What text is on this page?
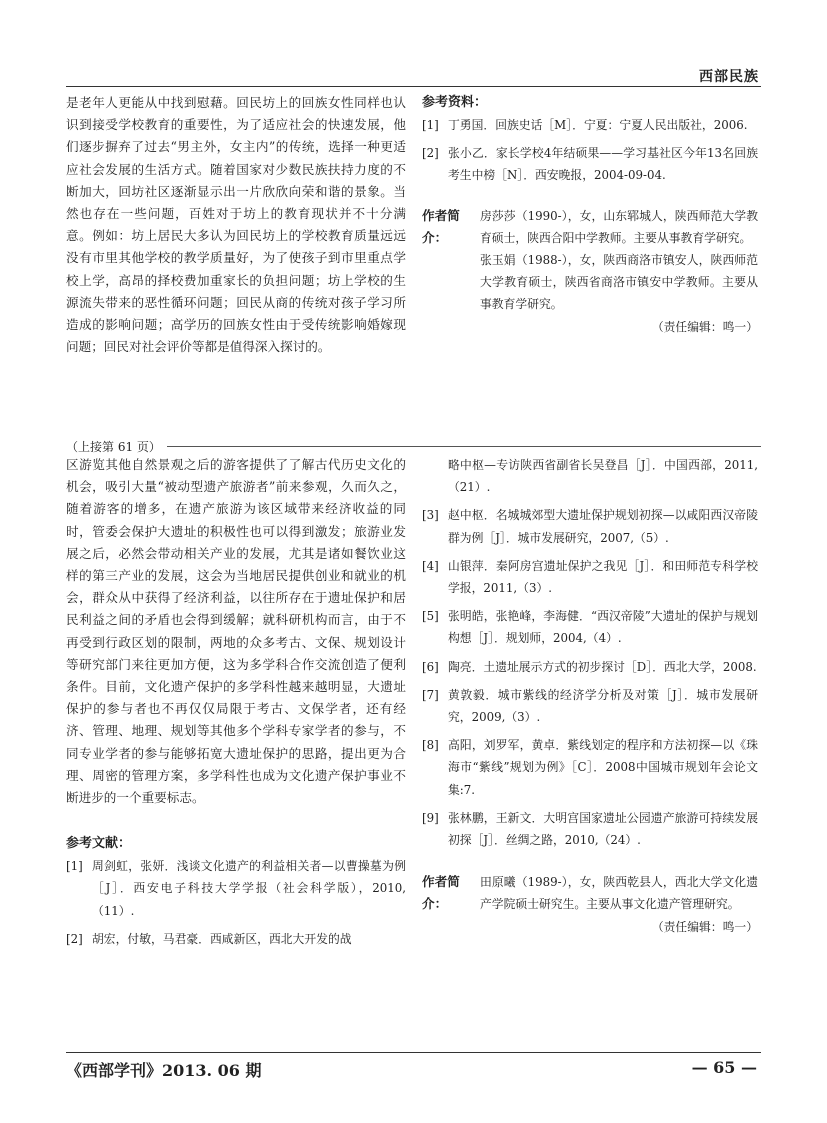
西部民族

是老年人更能从中找到慰藉。回民坊上的回族女性同样也认识到接受学校教育的重要性，为了适应社会的快速发展，他们逐步摒弃了过去“男主外，女主内”的传统，选择一种更适应社会发展的生活方式。随着国家对少数民族扶持力度的不断加大，回坊社区逐渐显示出一片欣欣向荣和谐的景象。当然也存在一些问题，百姓对于坊上的教育现状并不十分满意。例如：坊上居民大多认为回民坊上的学校教育质量远远没有市里其他学校的教学质量好，为了使孩子到市里重点学校上学，高昂的择校费加重家长的负担问题；坊上学校的生源流失带来的恶性循环问题；回民从商的传统对孩子学习所造成的影响问题；高学历的回族女性由于受传统影响婚嫁现问题；回民对社会评价等都是值得深入探讨的。

参考资料：
[1] 丁勇国．回族史话［M］．宁夏：宁夏人民出版社，2006.
[2] 张小乙．家长学校4年结硕果——学习基社区今年13名回族考生中榜［N］．西安晚报，2004-09-04.
作者简介：
房莎莎（1990-），女，山东郓城人，陕西师范大学教育硕士，陕西合阳中学教师。主要从事教育学研究。
张玉娟（1988-），女，陕西商洛市镇安人，陕西师范大学教育硕士，陕西省商洛市镇安中学教师。主要从事教育学研究。
（责任编辑：鸣一）
（上接第 61 页）
区游览其他自然景观之后的游客提供了了解古代历史文化的机会，吸引大量“被动型遗产旅游者”前来参观，久而久之，随着游客的增多，在遗产旅游为该区域带来经济收益的同时，管委会保护大遗址的积极性也可以得到激发；旅游业发展之后，必然会带动相关产业的发展，尤其是诸如餐饮业这样的第三产业的发展，这会为当地居民提供创业和就业的机会，群众从中获得了经济利益，以往所存在于遗址保护和居民利益之间的矛盾也会得到缓解；就科研机构而言，由于不再受到行政区划的限制，两地的众多考古、文保、规划设计等研究部门来往更加方便，这为多学科合作交流创造了便利条件。目前，文化遗产保护的多学科性越来越明显，大遗址保护的参与者也不再仅仅局限于考古、文保学者，还有经济、管理、地理、规划等其他多个学科专家学者的参与，不同专业学者的参与能够拓宽大遗址保护的思路，提出更为合理、周密的管理方案，多学科性也成为文化遗产保护事业不断进步的一个重要标志。
参考文献：
[1] 周剑虹，张妍．浅谈文化遗产的利益相关者—以曹操墓为例［J］．西安电子科技大学学报（社会科学版），2010,（11）.
[2] 胡宏，付敏，马君豪．西咸新区，西北大开发的战
略中枢—专访陕西省副省长吴登昌［J］．中国西部，2011,（21）.
[3] 赵中枢．名城城郊型大遗址保护规划初探—以咸阳西汉帝陵群为例［J］．城市发展研究，2007,（5）.
[4] 山银萍．秦阿房宫遗址保护之我见［J］．和田师范专科学校学报，2011,（3）.
[5] 张明皓，张艳峰，李海健．“西汉帝陵”大遗址的保护与规划构想［J］．规划师，2004,（4）.
[6] 陶亮．土遗址展示方式的初步探讨［D］．西北大学，2008.
[7] 黄敦毅．城市紫线的经济学分析及对策［J］．城市发展研究，2009,（3）.
[8] 高阳，刘罗军，黄卓．紫线划定的程序和方法初探—以《珠海市“紫线”规划为例》［C］．2008中国城市规划年会论文集:7.
[9] 张林鹏，王新文．大明宫国家遗址公园遗产旅游可持续发展初探［J］．丝绸之路，2010,（24）.
作者简介：
田原曦（1989-），女，陕西乾县人，西北大学文化遗产学院硕士研究生。主要从事文化遗产管理研究。
（责任编辑：鸣一）
《西部学刊》2013. 06 期	— 65 —
